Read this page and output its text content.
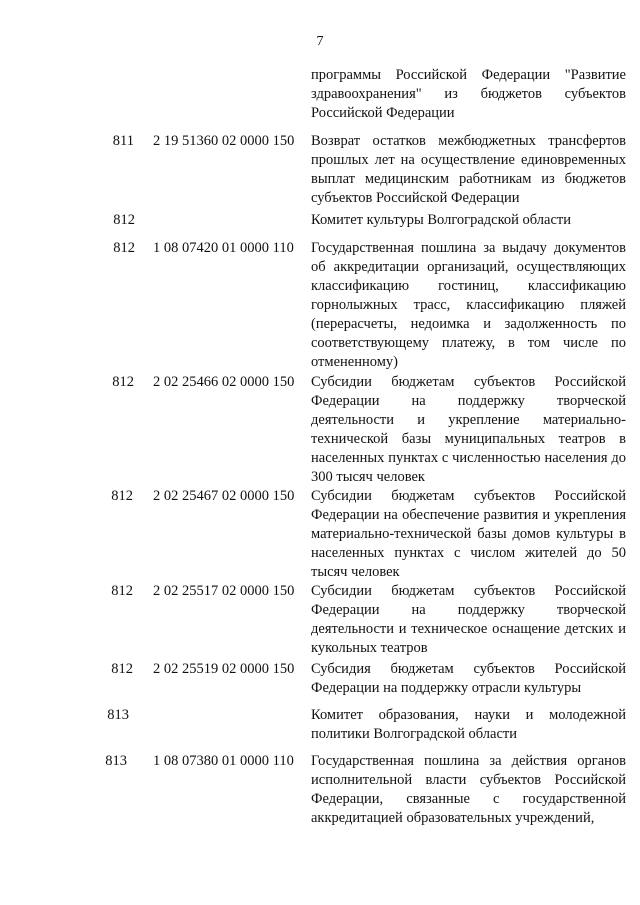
7
программы Российской Федерации "Развитие здравоохранения" из бюджетов субъектов Российской Федерации
811 2 19 51360 02 0000 150	Возврат остатков межбюджетных трансфертов прошлых лет на осуществление единовременных выплат медицинским работникам из бюджетов субъектов Российской Федерации
812	Комитет культуры Волгоградской области
812 1 08 07420 01 0000 110	Государственная пошлина за выдачу документов об аккредитации организаций, осуществляющих классификацию гостиниц, классификацию горнолыжных трасс, классификацию пляжей (перерасчеты, недоимка и задолженность по соответствующему платежу, в том числе по отмененному)
812 2 02 25466 02 0000 150	Субсидии бюджетам субъектов Российской Федерации на поддержку творческой деятельности и укрепление материально-технической базы муниципальных театров в населенных пунктах с численностью населения до 300 тысяч человек
812 2 02 25467 02 0000 150	Субсидии бюджетам субъектов Российской Федерации на обеспечение развития и укрепления материально-технической базы домов культуры в населенных пунктах с числом жителей до 50 тысяч человек
812 2 02 25517 02 0000 150	Субсидии бюджетам субъектов Российской Федерации на поддержку творческой деятельности и техническое оснащение детских и кукольных театров
812 2 02 25519 02 0000 150	Субсидия бюджетам субъектов Российской Федерации на поддержку отрасли культуры
813	Комитет образования, науки и молодежной политики Волгоградской области
813 1 08 07380 01 0000 110	Государственная пошлина за действия органов исполнительной власти субъектов Российской Федерации, связанные с государственной аккредитацией образовательных учреждений,
